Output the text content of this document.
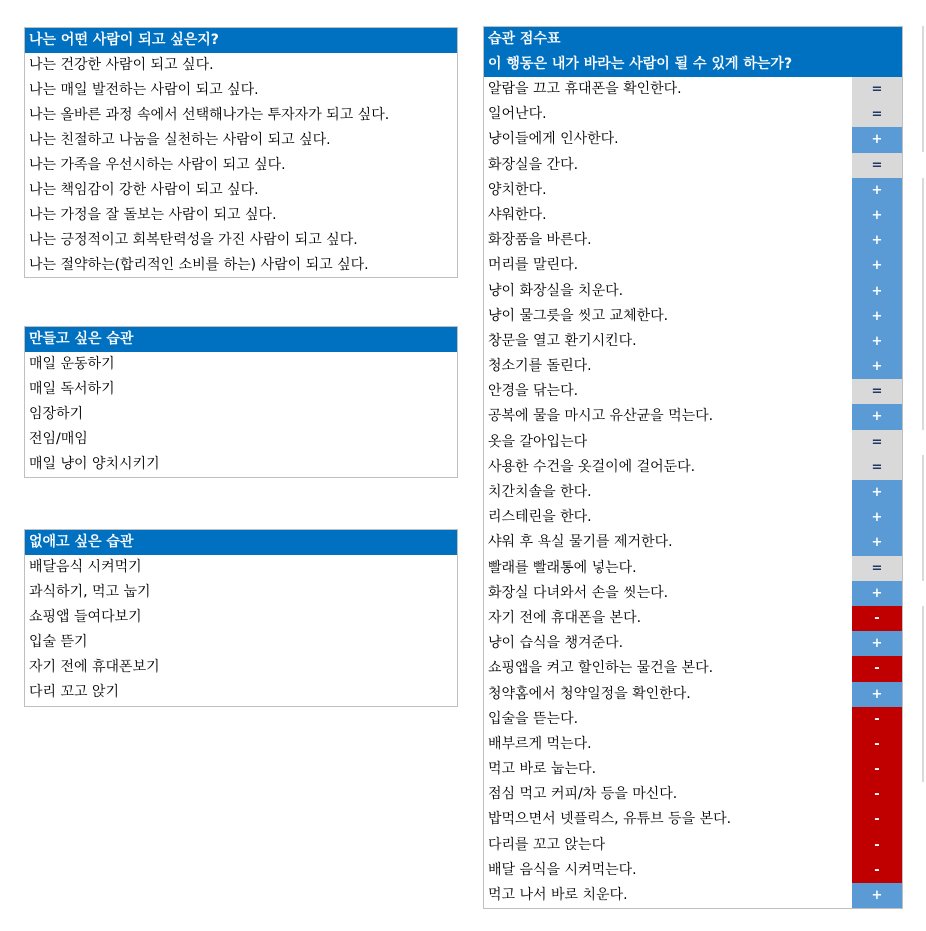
나는 어떤 사람이 되고 싶은지?
나는 건강한 사람이 되고 싶다.
나는 매일 발전하는 사람이 되고 싶다.
나는 올바른 과정 속에서 선택해나가는 투자자가 되고 싶다.
나는 친절하고 나눔을 실천하는 사람이 되고 싶다.
나는 가족을 우선시하는 사람이 되고 싶다.
나는 책임감이 강한 사람이 되고 싶다.
나는 가정을 잘 돌보는 사람이 되고 싶다.
나는 긍정적이고 회복탄력성을 가진 사람이 되고 싶다.
나는 절약하는(합리적인 소비를 하는) 사람이 되고 싶다.
만들고 싶은 습관
매일 운동하기
매일 독서하기
임장하기
전임/매임
매일 냥이 양치시키기
없애고 싶은 습관
배달음식 시켜먹기
과식하기, 먹고 눕기
쇼핑앱 들여다보기
입술 뜯기
자기 전에 휴대폰보기
다리 꼬고 앉기
습관 점수표
이 행동은 내가 바라는 사람이 될 수 있게 하는가?
알람을 끄고 휴대폰을 확인한다.	=
일어난다.	=
냥이들에게 인사한다.	+
화장실을 간다.	=
양치한다.	+
샤워한다.	+
화장품을 바른다.	+
머리를 말린다.	+
냥이 화장실을 치운다.	+
냥이 물그릇을 씻고 교체한다.	+
창문을 열고 환기시킨다.	+
청소기를 돌린다.	+
안경을 닦는다.	=
공복에 물을 마시고 유산균을 먹는다.	+
옷을 갈아입는다	=
사용한 수건을 옷걸이에 걸어둔다.	=
치간치솔을 한다.	+
리스테린을 한다.	+
샤워 후 욕실 물기를 제거한다.	+
빨래를 빨래통에 넣는다.	=
화장실 다녀와서 손을 씻는다.	+
자기 전에 휴대폰을 본다.	-
냥이 습식을 챙겨준다.	+
쇼핑앱을 켜고 할인하는 물건을 본다.	-
청약홈에서 청약일정을 확인한다.	+
입술을 뜯는다.	-
배부르게 먹는다.	-
먹고 바로 눕는다.	-
점심 먹고 커피/차 등을 마신다.	-
밥먹으면서 넷플릭스, 유튜브 등을 본다.	-
다리를 꼬고 앉는다	-
배달 음식을 시켜먹는다.	-
먹고 나서 바로 치운다.	+
